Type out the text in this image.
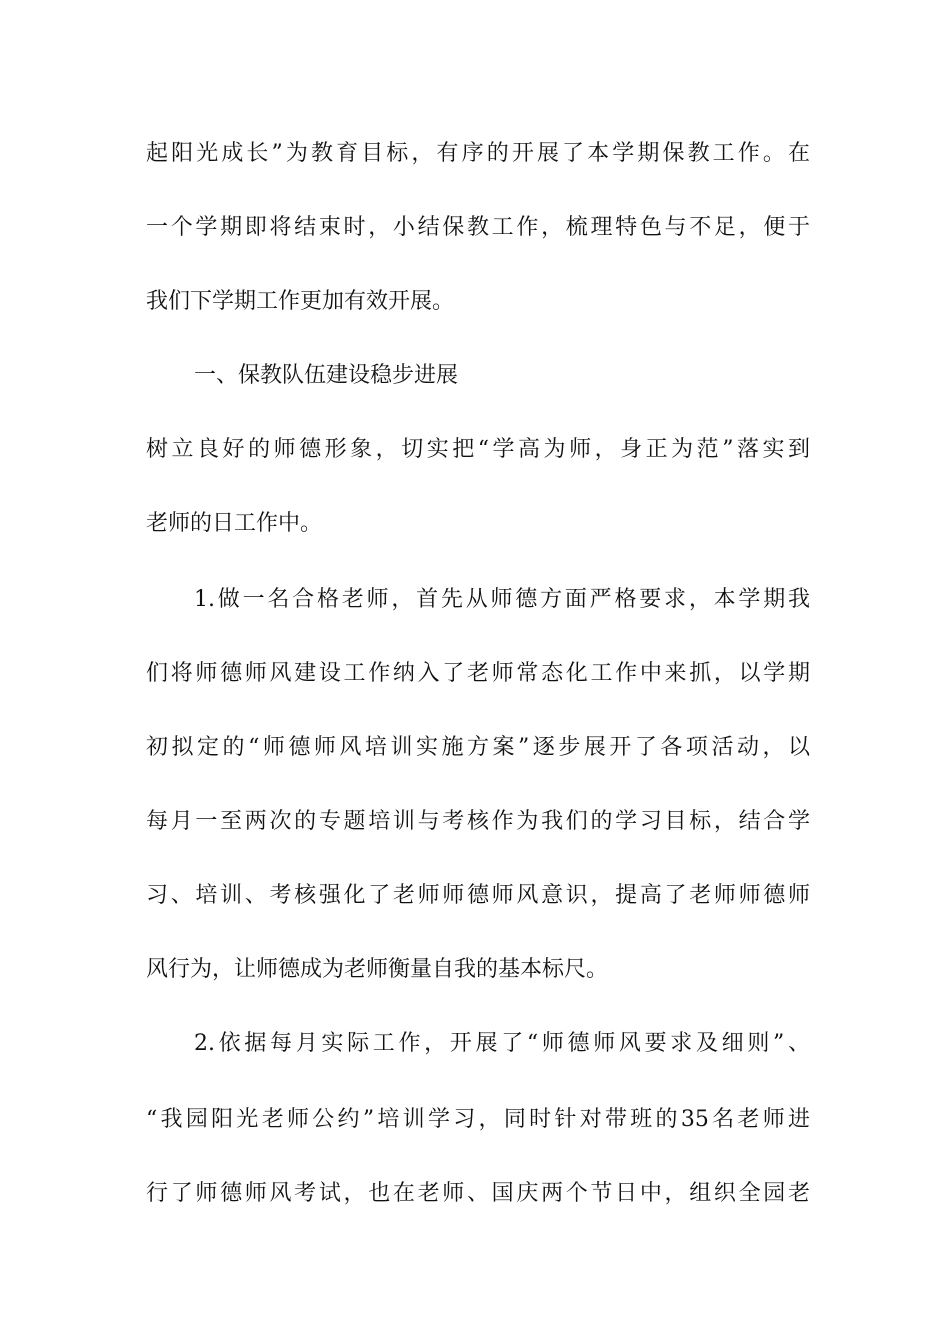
起阳光成长”为教育目标，有序的开展了本学期保教工作。在
一个学期即将结束时，小结保教工作，梳理特色与不足，便于
我们下学期工作更加有效开展。
一、保教队伍建设稳步进展
树立良好的师德形象，切实把“学高为师，身正为范”落实到
老师的日工作中。
1.做一名合格老师，首先从师德方面严格要求，本学期我
们将师德师风建设工作纳入了老师常态化工作中来抓，以学期
初拟定的“师德师风培训实施方案”逐步展开了各项活动，以
每月一至两次的专题培训与考核作为我们的学习目标，结合学
习、培训、考核强化了老师师德师风意识，提高了老师师德师
风行为，让师德成为老师衡量自我的基本标尺。
2.依据每月实际工作，开展了“师德师风要求及细则”、
“我园阳光老师公约”培训学习，同时针对带班的35名老师进
行了师德师风考试，也在老师、国庆两个节日中，组织全园老
